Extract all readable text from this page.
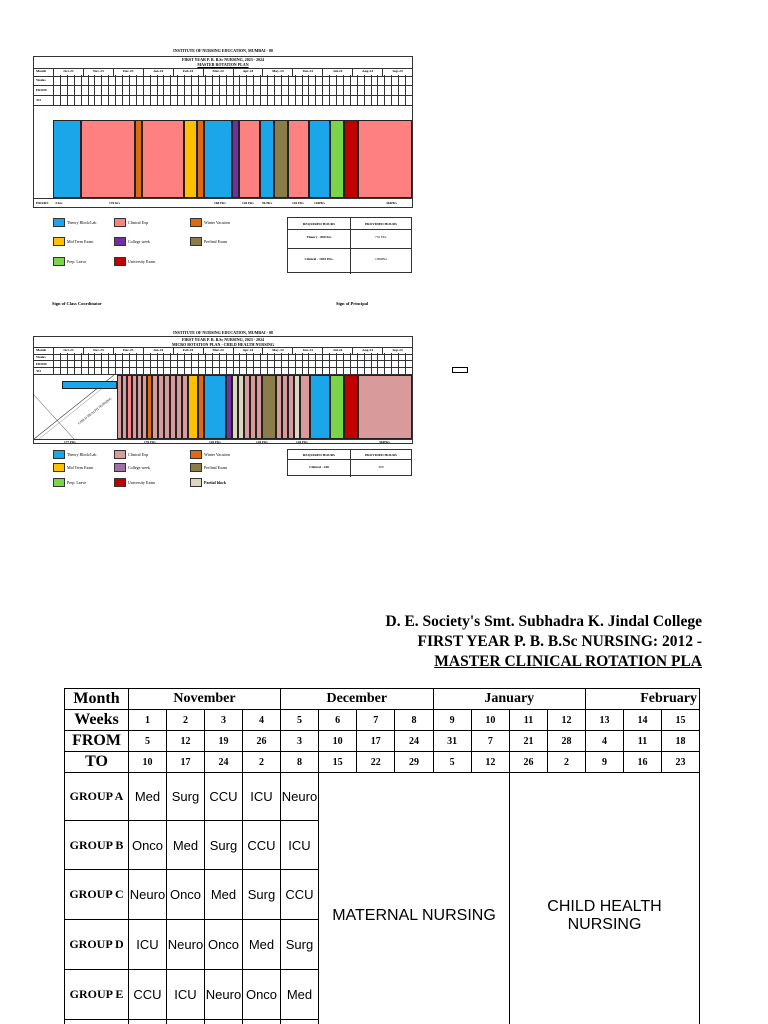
INSTITUTE OF NURSING EDUCATION, MUMBAI - 08
FIRST YEAR P. B. B.Sc NURSING, 2023 - 2024
MASTER ROTATION PLAN
Month
Weeks
FROM
TO
Oct-23	Nov-23	Dec-23	Jan-24	Feb-24	Mar-24	Apr-24	May-24	Jun-24	Jul-24	Aug-24	Sep-24
HOURS 4 hrs	176 hrs	168 Hrs	126 Hrs 96 Hrs	126 Hrs	126Hrs	364Hrs
Theory Block/Lab	Clinical Exp	Winter Vacation
Mid Term Exam	College week	Prefinal Exam
Prep. Leave	University Exam
REQUIRED HOURS	PROVIDED HOURS
Theory - 800 hrs	735 Hrs.
Clinical - 1035 Hrs.	1066Hrs
Sign of Class Coordinator	Sign of Principal
INSTITUTE OF NURSING EDUCATION, MUMBAI - 08
FIRST YEAR P. B. B.Sc NURSING, 2023 - 2024
MICRO ROTATION PLAN - CHILD HEALTH NURSING
Month
Weeks
FROM
TO
Oct-23	Nov-23	Dec-23	Jan-24	Feb-24	Mar-24	Apr-24	May-24	Jun-24	Jul-24	Aug-24	Sep-24
CHILD HEALTH NURSING
177 Hrs	176 Hrs	126 Hrs	126 Hrs	126 Hrs	364Hrs
Theory Block/Lab	Clinical Exp	Winter Vacation
Mid Term Exam	College week	Prefinal Exam
Prep. Leave	University Exam	Partial block
REQUIRED HOURS	PROVIDED HOURS
Clinical - 240	300
D. E. Society's Smt. Subhadra K. Jindal College
FIRST YEAR P. B. B.Sc NURSING: 2012 -
MASTER CLINICAL ROTATION PLA
Month	November				December				January				February		
Weeks	1	2	3	4	5	6	7	8	9	10	11	12	13	14	15
FROM	5	12	19	26	3	10	17	24	31	7	21	28	4	11	18
TO	10	17	24	2	8	15	22	29	5	12	26	2	9	16	23
GROUP A	Med	Surg	CCU	ICU	Neuro	MATERNAL NURSING					CHILD HEALTH NURSING				
GROUP B	Onco	Med	Surg	CCU	ICU										
GROUP C	Neuro	Onco	Med	Surg	CCU										
GROUP D	ICU	Neuro	Onco	Med	Surg										
GROUP E	CCU	ICU	Neuro	Onco	Med										
